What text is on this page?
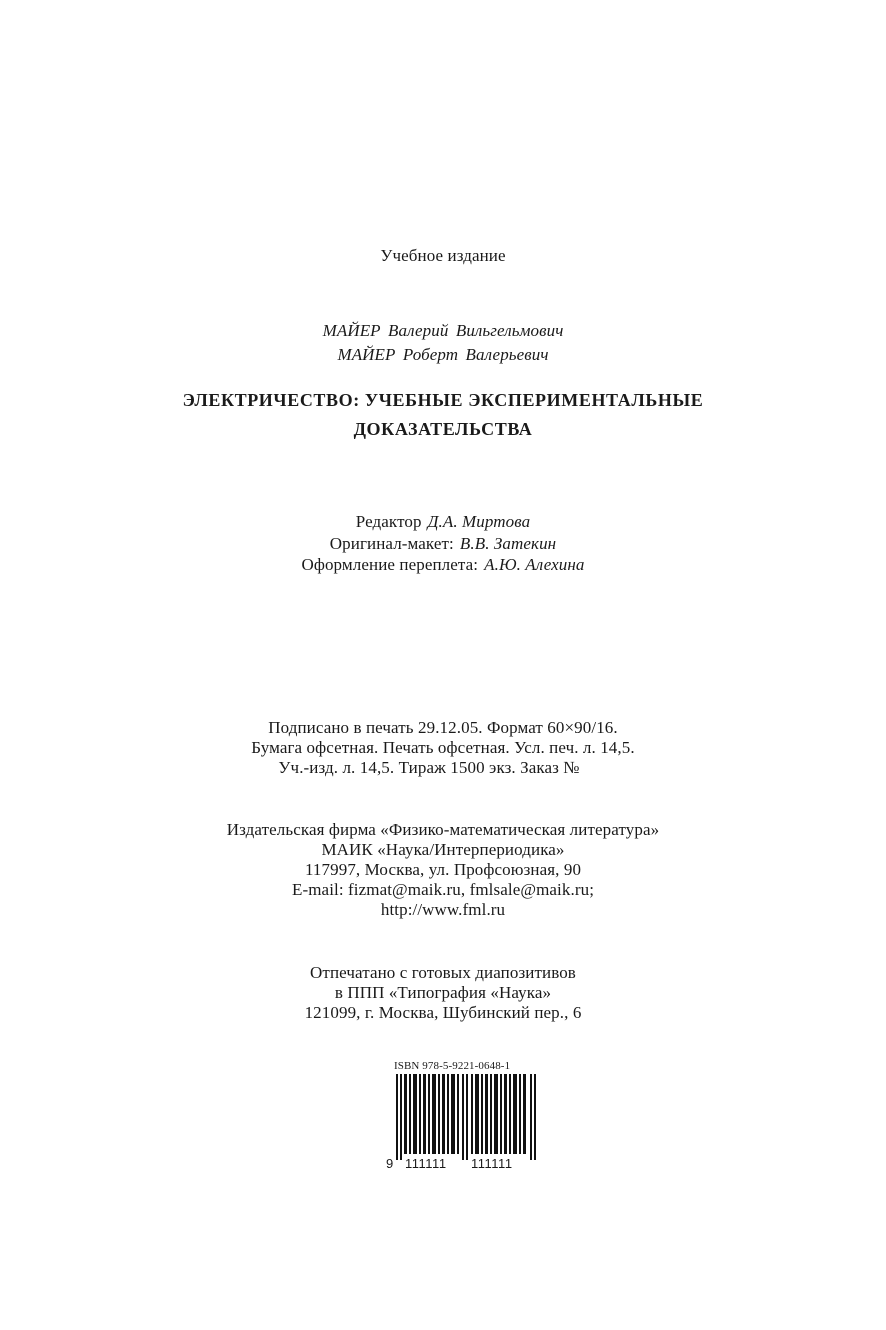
Учебное издание
МАЙЕР Валерий Вильгельмович
МАЙЕР Роберт Валерьевич
ЭЛЕКТРИЧЕСТВО: УЧЕБНЫЕ ЭКСПЕРИМЕНТАЛЬНЫЕ
ДОКАЗАТЕЛЬСТВА
Редактор Д.А. Миртова
Оригинал-макет: В.В. Затекин
Оформление переплета: А.Ю. Алехина
Подписано в печать 29.12.05. Формат 60×90/16.
Бумага офсетная. Печать офсетная. Усл. печ. л. 14,5.
Уч.-изд. л. 14,5. Тираж 1500 экз. Заказ №
Издательская фирма «Физико-математическая литература»
МАИК «Наука/Интерпериодика»
117997, Москва, ул. Профсоюзная, 90
E-mail: fizmat@maik.ru, fmlsale@maik.ru;
http://www.fml.ru
Отпечатано с готовых диапозитивов
в ППП «Типография «Наука»
121099, г. Москва, Шубинский пер., 6
ISBN 978-5-9221-0648-1
9 111111 111111
